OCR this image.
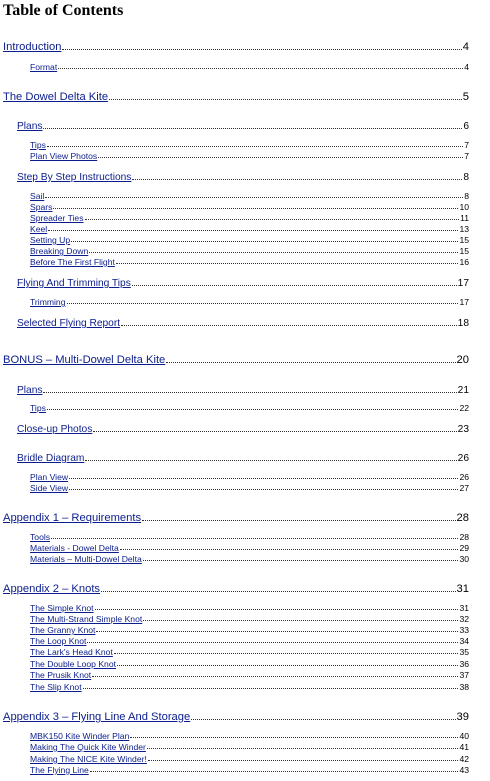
Table of Contents
Introduction	4
Format	4
The Dowel Delta Kite	5
Plans	6
Tips	7
Plan View Photos	7
Step By Step Instructions	8
Sail	8
Spars	10
Spreader Ties	11
Keel	13
Setting Up	15
Breaking Down	15
Before The First Flight	16
Flying And Trimming Tips	17
Trimming	17
Selected Flying Report	18
BONUS – Multi-Dowel Delta Kite	20
Plans	21
Tips	22
Close-up Photos	23
Bridle Diagram	26
Plan View	26
Side View	27
Appendix 1 – Requirements	28
Tools	28
Materials - Dowel Delta	29
Materials – Multi-Dowel Delta	30
Appendix 2 – Knots	31
The Simple Knot	31
The Multi-Strand Simple Knot	32
The Granny Knot	33
The Loop Knot	34
The Lark's Head Knot	35
The Double Loop Knot	36
The Prusik Knot	37
The Slip Knot	38
Appendix 3 – Flying Line And Storage	39
MBK150 Kite Winder Plan	40
Making The Quick Kite Winder	41
Making The NICE Kite Winder!	42
The Flying Line	43
